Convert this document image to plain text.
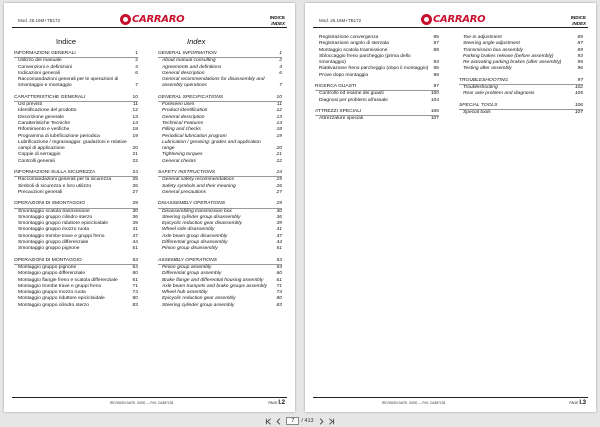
Mod. 26.16M+TB172	CARRARO	INDICE
INDEX
Indice	Index
INFORMAZIONI GENERALI	1
Utilizzo del manuale	2
Convenzioni e definizioni	4
Indicazioni generali	6
Raccomandazioni generali per le operazioni di smontaggio e montaggio	7
CARATTERISTICHE GENERALI	10
Usi previsti	11
Identificazione del prodotto	12
Descrizione generale	13
Caratteristiche Tecniche	14
Rifornimento e verifiche	18
Programma di lubrificazione periodica	19
Lubrificazione / Ingrassaggio: gradazioni e relative campi di applicazione	20
Coppie di serraggio	21
Controlli generali	22
INFORMAZIONI SULLA SICUREZZA	24
Raccomandazioni generali per la sicurezza	25
Simboli di sicurezza e loro utilizzo	26
Precauzioni generali	27
OPERAZIONI DI SMONTAGGIO	29
Smontaggio scatola trasmissione	30
Smontaggio gruppo cilindro sterzo	36
Smontaggio gruppo riduttore epicicloidale	39
Smontaggio gruppo mozzo ruota	41
Smontaggio trombe trave e gruppi freno	47
Smontaggio gruppo differenziale	44
Smontaggio gruppo pignone	51
OPERAZIONI DI MONTAGGIO	53
Montaggio gruppo pignone	54
Montaggio gruppo differenziale	60
Montaggio flangie freno e scatola differenziale	61
Montaggio trombe trave e gruppi freno	71
Montaggio gruppo mozzo ruota	74
Montaggio gruppo riduttore epicicloidale	80
Montaggio gruppo cilindro sterzo	83
GENERAL INFORMATION	1
About manual consulting	2
Agreements and definitions	4
General description	6
General recommendations for disassembly and assembly operations	7
GENERAL SPECIFICATIONS	10
Foreseen uses	11
Product identification	12
General description	13
Technical Features	14
Filling and checks	18
Periodical lubrication program	19
Lubrication / greasing: grades and application range	20
Tightening torques	21
General checks	22
SAFETY INSTRUCTIONS	24
General safety recommendations	25
Safety symbols and their meaning	26
General precautions	27
DISASSEMBLY OPERATIONS	29
Disassembling transmission box	30
Steering cylinder group disassembly	36
Epicyclic reduction gear disassembly	39
Wheel side disassembly	41
Axle beam group disassembly	47
Differential group disassembly	44
Pinion group disassembly	51
ASSEMBLY OPERATIONS	53
Pinion group assembly	54
Differential group assembly	60
Brake flange and differential housing assembly	61
Axle beam trumpets and brake groups assembly	71
Wheel hub assembly	74
Epicyclic reduction gear assembly	80
Steering cylinder group assembly	83
REVISION DATE: 00/00 — P/N: CA387135	PAGEI.2
Mod. 26.16M+TB172	CARRARO	INDICE
INDEX
Registrazione convergenza	85
Registrazione angolo di sterzata	87
Montaggio scatola trasmissione	89
Sbloccaggio freno parcheggio (prima dello smontaggio)	93
Riattivazione freno parcheggio (dopo il montaggio)	95
Prove dopo montaggio	96
RICERCA GUASTI	97
Controllo ed esame dei guasti	100
Diagnosi per problemi all'assale	104
ATTREZZI SPECIALI	106
Attrezzature speciali	107
Toe-in adjustment	85
Steering angle adjustment	87
Transmission box assembly	89
Parking brakes release (before assembly)	93
Re-activating parking brakes (after assembly)	95
Testing after assembly	96
TROUBLESHOOTING	97
Troubleshooting	102
Rear axle problem and diagnosis	105
SPECIAL TOOLS	106
Special tools	107
REVISION DATE: 00/00 — P/N: CA387135	PAGEI.3
7
/ 413
